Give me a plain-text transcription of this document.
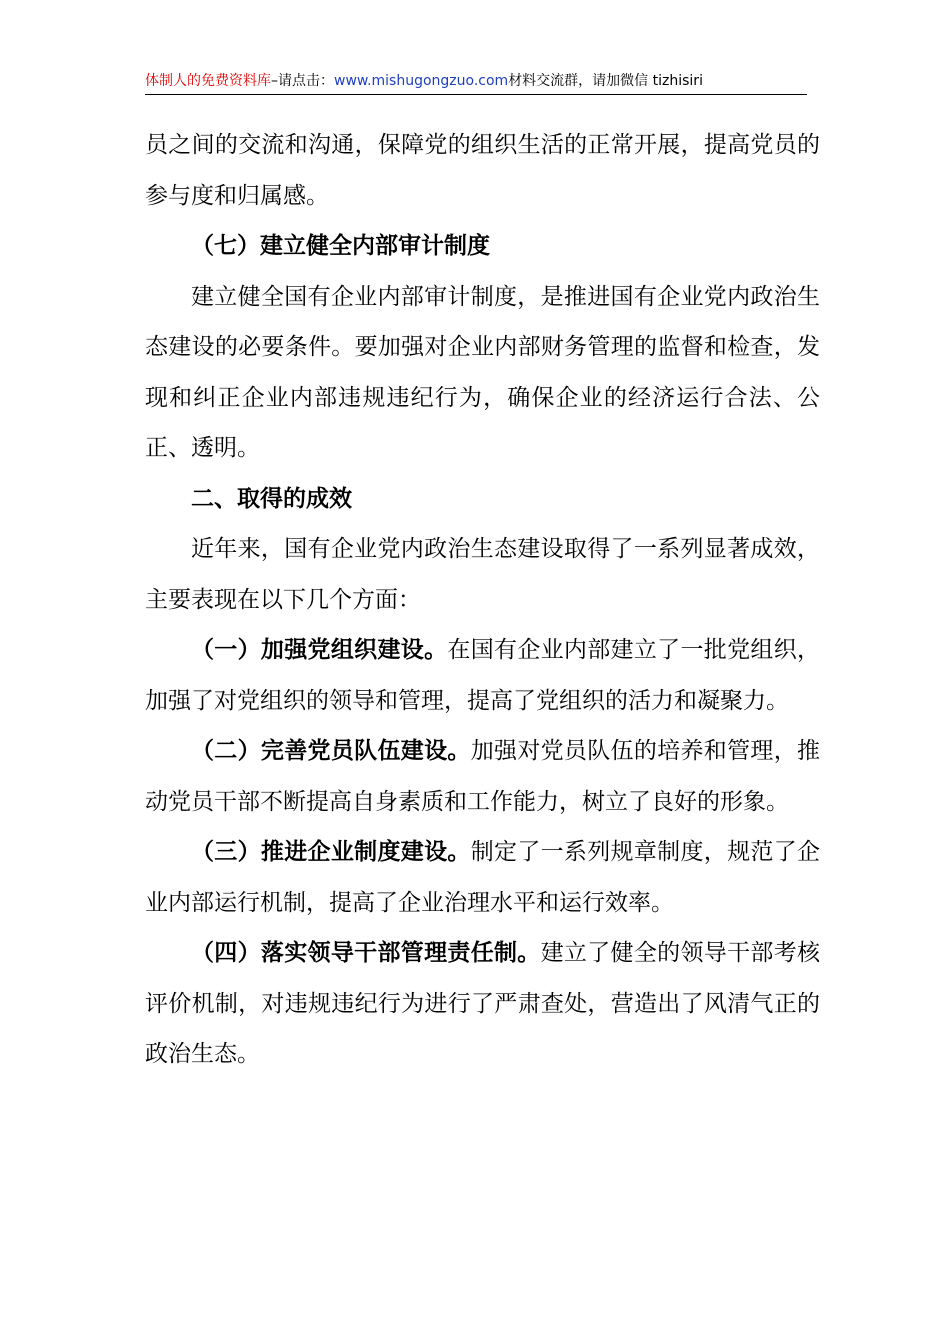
体制人的免费资料库–请点击：www.mishugongzuo.com材料交流群，请加微信 tizhisiri

员之间的交流和沟通，保障党的组织生活的正常开展，提高党员的参与度和归属感。

（七）建立健全内部审计制度

建立健全国有企业内部审计制度，是推进国有企业党内政治生态建设的必要条件。要加强对企业内部财务管理的监督和检查，发现和纠正企业内部违规违纪行为，确保企业的经济运行合法、公正、透明。

二、取得的成效

近年来，国有企业党内政治生态建设取得了一系列显著成效，主要表现在以下几个方面：

（一）加强党组织建设。在国有企业内部建立了一批党组织，加强了对党组织的领导和管理，提高了党组织的活力和凝聚力。

（二）完善党员队伍建设。加强对党员队伍的培养和管理，推动党员干部不断提高自身素质和工作能力，树立了良好的形象。

（三）推进企业制度建设。制定了一系列规章制度，规范了企业内部运行机制，提高了企业治理水平和运行效率。

（四）落实领导干部管理责任制。建立了健全的领导干部考核评价机制，对违规违纪行为进行了严肃查处，营造出了风清气正的政治生态。
